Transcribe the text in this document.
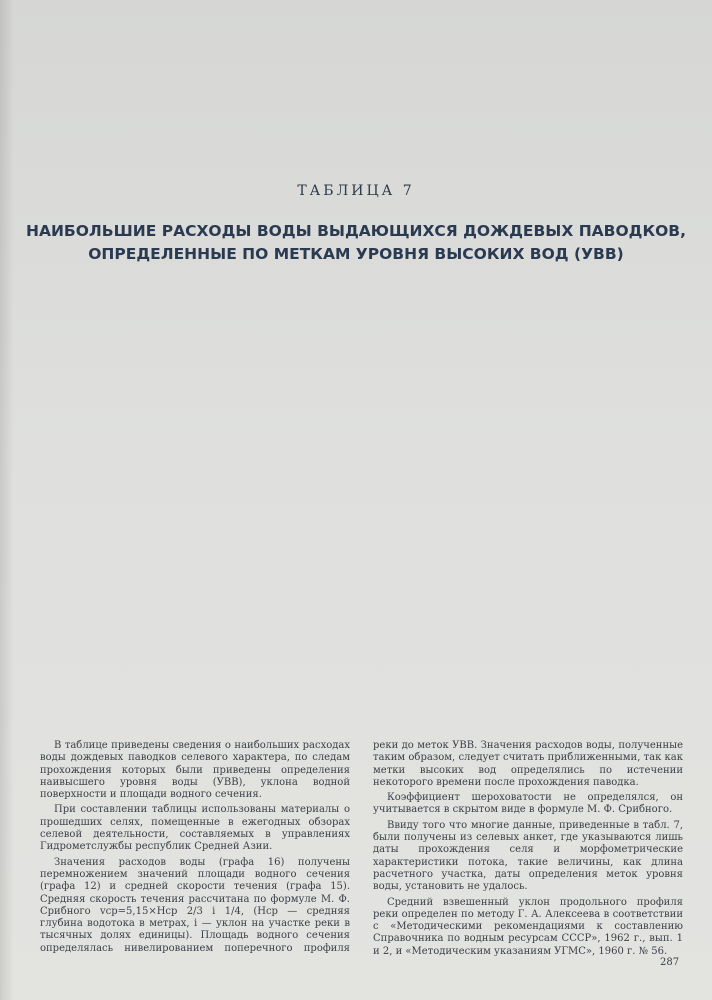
ТАБЛИЦА 7
НАИБОЛЬШИЕ РАСХОДЫ ВОДЫ ВЫДАЮЩИХСЯ ДОЖДЕВЫХ ПАВОДКОВ,
ОПРЕДЕЛЕННЫЕ ПО МЕТКАМ УРОВНЯ ВЫСОКИХ ВОД (УВВ)

В таблице приведены сведения о наибольших расходах воды дождевых паводков селевого характера, по следам прохождения которых были приведены определения наивысшего уровня воды (УВВ), уклона водной поверхности и площади водного сечения.

При составлении таблицы использованы материалы о прошедших селях, помещенные в ежегодных обзорах селевой деятельности, составляемых в управлениях Гидрометслужбы республик Средней Азии.

Значения расходов воды (графа 16) получены перемножением значений площади водного сечения (графа 12) и средней скорости течения (графа 15). Средняя скорость течения рассчитана по формуле М. Ф. Срибного vср=5,15×Hср 2/3 i 1/4, (Hср — средняя глубина водотока в метрах, i — уклон на участке реки в тысячных долях единицы). Площадь водного сечения определялась нивелированием поперечного профиля реки до меток УВВ. Значения расходов воды, полученные таким образом, следует считать приближенными, так как метки высоких вод определялись по истечении некоторого времени после прохождения паводка.

Коэффициент шероховатости не определялся, он учитывается в скрытом виде в формуле М. Ф. Срибного.

Ввиду того что многие данные, приведенные в табл. 7, были получены из селевых анкет, где указываются лишь даты прохождения селя и морфометрические характеристики потока, такие величины, как длина расчетного участка, даты определения меток уровня воды, установить не удалось.

Средний взвешенный уклон продольного профиля реки определен по методу Г. А. Алексеева в соответствии с «Методическими рекомендациями к составлению Справочника по водным ресурсам СССР», 1962 г., вып. 1 и 2, и «Методическим указаниям УГМС», 1960 г. № 56.

287
